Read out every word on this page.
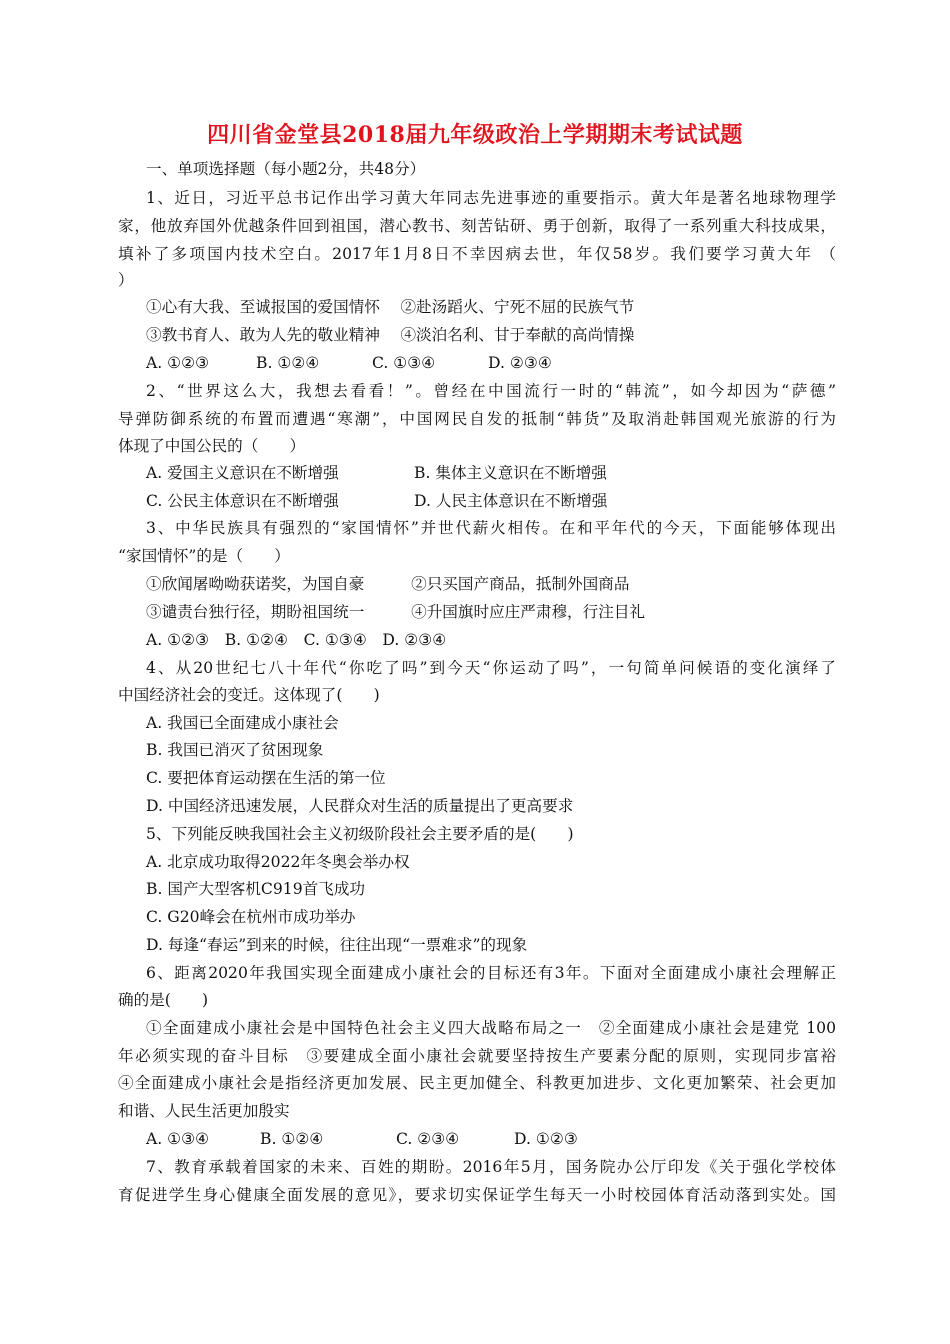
四川省金堂县2018届九年级政治上学期期末考试试题
一、单项选择题（每小题2分，共48分）
1、近日，习近平总书记作出学习黄大年同志先进事迹的重要指示。黄大年是著名地球物理学
家，他放弃国外优越条件回到祖国，潜心教书、刻苦钻研、勇于创新，取得了一系列重大科技成果，
填补了多项国内技术空白。2017年1月8日不幸因病去世，年仅58岁。我们要学习黄大年 （
）
①心有大我、至诚报国的爱国情怀　 ②赴汤蹈火、宁死不屈的民族气节
③教书育人、敢为人先的敬业精神　 ④淡泊名利、甘于奉献的高尚情操
A. ①②③	B. ①②④	C. ①③④	D. ②③④
2、“世界这么大，我想去看看！”。曾经在中国流行一时的“韩流”，如今却因为“萨德”
导弹防御系统的布置而遭遇“寒潮”，中国网民自发的抵制“韩货”及取消赴韩国观光旅游的行为
体现了中国公民的（　　）
A. 爱国主义意识在不断增强	B. 集体主义意识在不断增强
C. 公民主体意识在不断增强	D. 人民主体意识在不断增强
3、中华民族具有强烈的“家国情怀”并世代薪火相传。在和平年代的今天，下面能够体现出
“家国情怀”的是（　　）
①欣闻屠呦呦获诺奖，为国自豪　　　②只买国产商品，抵制外国商品
③谴责台独行径，期盼祖国统一　　　④升国旗时应庄严肃穆，行注目礼
A. ①②③　B. ①②④　C. ①③④　D. ②③④
4、从20世纪七八十年代“你吃了吗”到今天“你运动了吗”，一句简单问候语的变化演绎了
中国经济社会的变迁。这体现了(　　)
A. 我国已全面建成小康社会
B. 我国已消灭了贫困现象
C. 要把体育运动摆在生活的第一位
D. 中国经济迅速发展，人民群众对生活的质量提出了更高要求
5、下列能反映我国社会主义初级阶段社会主要矛盾的是(　　)
A. 北京成功取得2022年冬奥会举办权
B. 国产大型客机C919首飞成功
C. G20峰会在杭州市成功举办
D. 每逢“春运”到来的时候，往往出现“一票难求”的现象
6、距离2020年我国实现全面建成小康社会的目标还有3年。下面对全面建成小康社会理解正
确的是(　　)
①全面建成小康社会是中国特色社会主义四大战略布局之一　②全面建成小康社会是建党 100
年必须实现的奋斗目标　③要建成全面小康社会就要坚持按生产要素分配的原则，实现同步富裕
④全面建成小康社会是指经济更加发展、民主更加健全、科教更加进步、文化更加繁荣、社会更加
和谐、人民生活更加殷实
A. ①③④	B. ①②④	C. ②③④	D. ①②③
7、教育承载着国家的未来、百姓的期盼。2016年5月，国务院办公厅印发《关于强化学校体
育促进学生身心健康全面发展的意见》，要求切实保证学生每天一小时校园体育活动落到实处。国
